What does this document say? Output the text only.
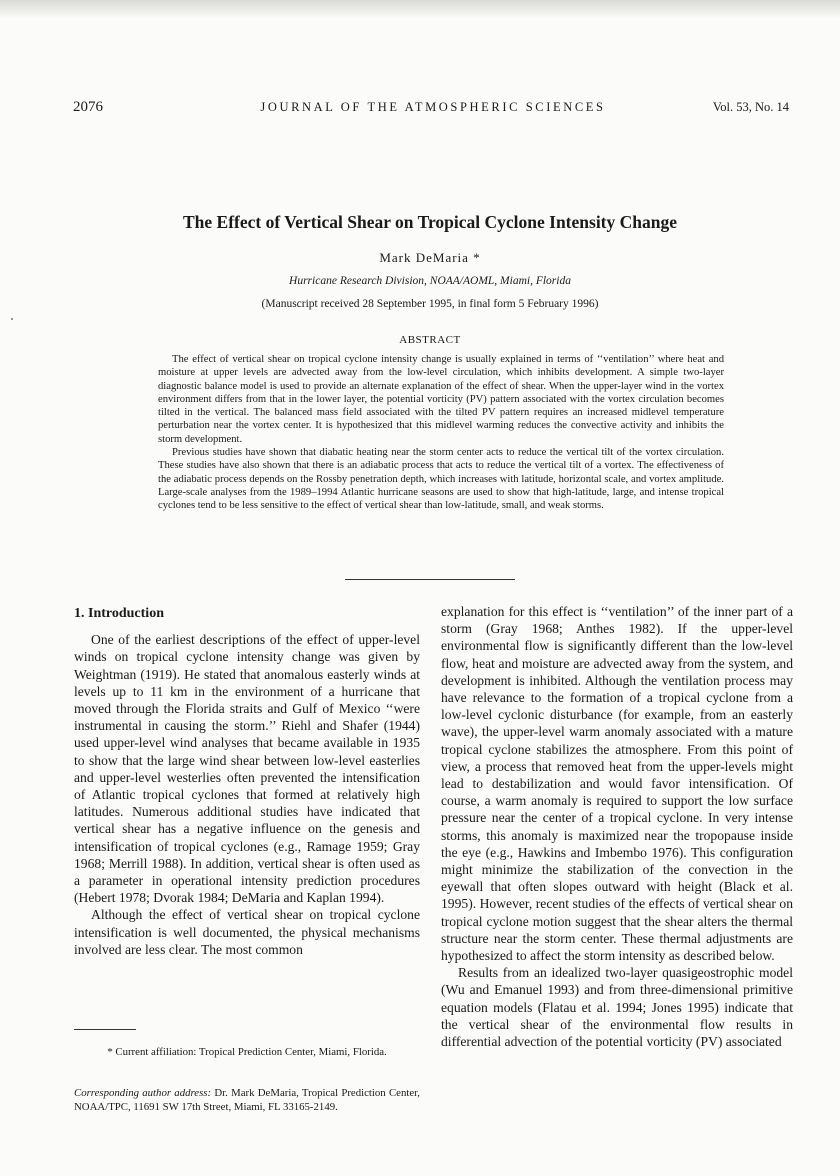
2076	JOURNAL OF THE ATMOSPHERIC SCIENCES	Vol. 53, No. 14
The Effect of Vertical Shear on Tropical Cyclone Intensity Change
Mark DeMaria *
Hurricane Research Division, NOAA/AOML, Miami, Florida
(Manuscript received 28 September 1995, in final form 5 February 1996)
ABSTRACT

The effect of vertical shear on tropical cyclone intensity change is usually explained in terms of ‘‘ventilation’’ where heat and moisture at upper levels are advected away from the low-level circulation, which inhibits development. A simple two-layer diagnostic balance model is used to provide an alternate explanation of the effect of shear. When the upper-layer wind in the vortex environment differs from that in the lower layer, the potential vorticity (PV) pattern associated with the vortex circulation becomes tilted in the vertical. The balanced mass field associated with the tilted PV pattern requires an increased midlevel temperature perturbation near the vortex center. It is hypothesized that this midlevel warming reduces the convective activity and inhibits the storm development.

Previous studies have shown that diabatic heating near the storm center acts to reduce the vertical tilt of the vortex circulation. These studies have also shown that there is an adiabatic process that acts to reduce the vertical tilt of a vortex. The effectiveness of the adiabatic process depends on the Rossby penetration depth, which increases with latitude, horizontal scale, and vortex amplitude. Large-scale analyses from the 1989–1994 Atlantic hurricane seasons are used to show that high-latitude, large, and intense tropical cyclones tend to be less sensitive to the effect of vertical shear than low-latitude, small, and weak storms.

1. Introduction

One of the earliest descriptions of the effect of upper-level winds on tropical cyclone intensity change was given by Weightman (1919). He stated that anomalous easterly winds at levels up to 11 km in the environment of a hurricane that moved through the Florida straits and Gulf of Mexico ‘‘were instrumental in causing the storm.’’ Riehl and Shafer (1944) used upper-level wind analyses that became available in 1935 to show that the large wind shear between low-level easterlies and upper-level westerlies often prevented the intensification of Atlantic tropical cyclones that formed at relatively high latitudes. Numerous additional studies have indicated that vertical shear has a negative influence on the genesis and intensification of tropical cyclones (e.g., Ramage 1959; Gray 1968; Merrill 1988). In addition, vertical shear is often used as a parameter in operational intensity prediction procedures (Hebert 1978; Dvorak 1984; DeMaria and Kaplan 1994).

Although the effect of vertical shear on tropical cyclone intensification is well documented, the physical mechanisms involved are less clear. The most common

explanation for this effect is ‘‘ventilation’’ of the inner part of a storm (Gray 1968; Anthes 1982). If the upper-level environmental flow is significantly different than the low-level flow, heat and moisture are advected away from the system, and development is inhibited. Although the ventilation process may have relevance to the formation of a tropical cyclone from a low-level cyclonic disturbance (for example, from an easterly wave), the upper-level warm anomaly associated with a mature tropical cyclone stabilizes the atmosphere. From this point of view, a process that removed heat from the upper-levels might lead to destabilization and would favor intensification. Of course, a warm anomaly is required to support the low surface pressure near the center of a tropical cyclone. In very intense storms, this anomaly is maximized near the tropopause inside the eye (e.g., Hawkins and Imbembo 1976). This configuration might minimize the stabilization of the convection in the eyewall that often slopes outward with height (Black et al. 1995). However, recent studies of the effects of vertical shear on tropical cyclone motion suggest that the shear alters the thermal structure near the storm center. These thermal adjustments are hypothesized to affect the storm intensity as described below.

Results from an idealized two-layer quasigeostrophic model (Wu and Emanuel 1993) and from three-dimensional primitive equation models (Flatau et al. 1994; Jones 1995) indicate that the vertical shear of the environmental flow results in differential advection of the potential vorticity (PV) associated

* Current affiliation: Tropical Prediction Center, Miami, Florida.
Corresponding author address: Dr. Mark DeMaria, Tropical Prediction Center, NOAA/TPC, 11691 SW 17th Street, Miami, FL 33165-2149.
